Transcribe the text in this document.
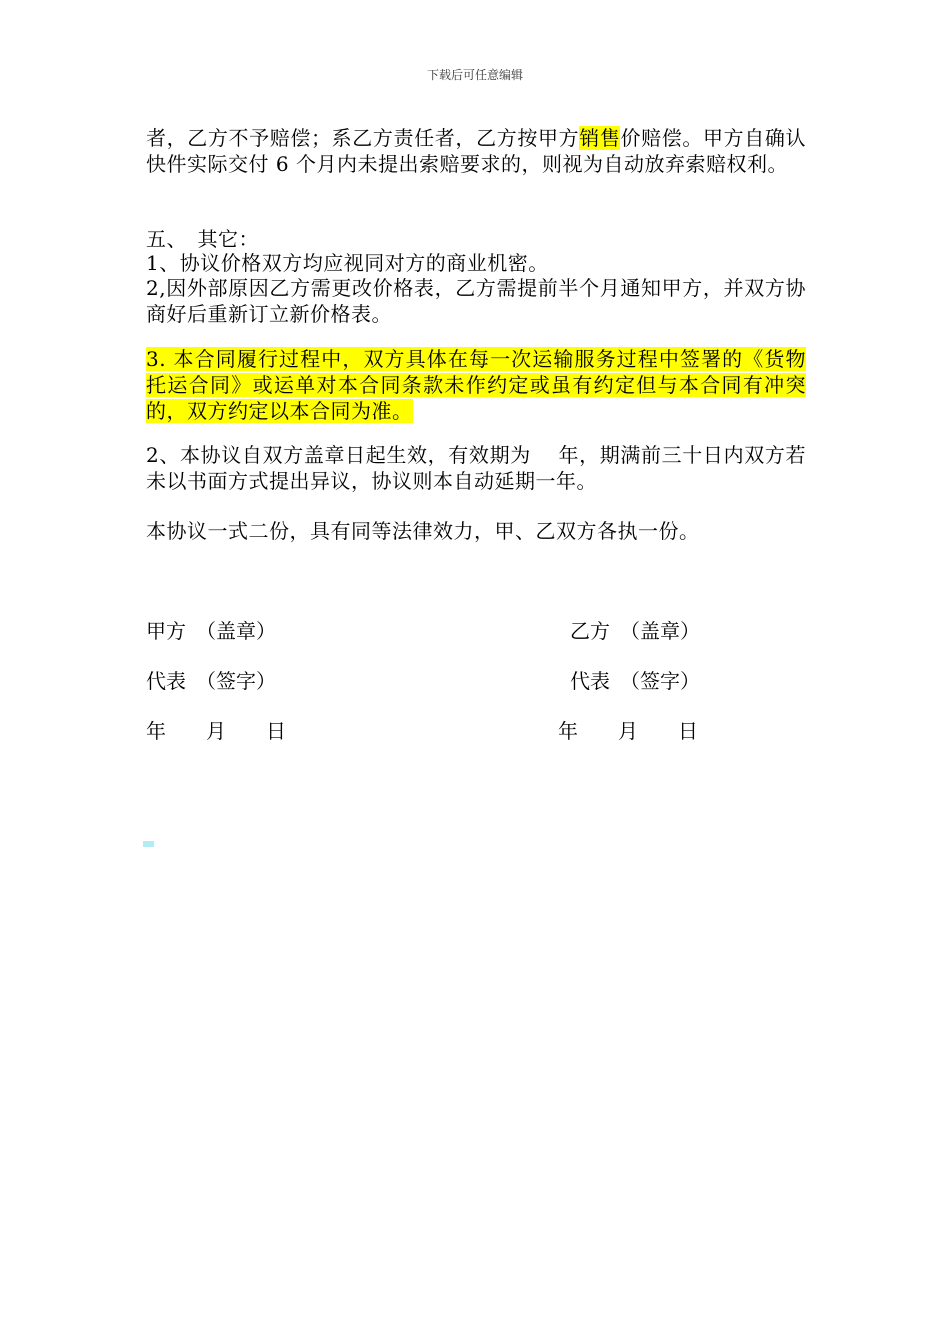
下载后可任意编辑
者，乙方不予赔偿；系乙方责任者，乙方按甲方销售价赔偿。甲方自确认快件实际交付 6 个月内未提出索赔要求的，则视为自动放弃索赔权利。
五、　其它：
1、协议价格双方均应视同对方的商业机密。
2,因外部原因乙方需更改价格表，乙方需提前半个月通知甲方，并双方协商好后重新订立新价格表。
3. 本合同履行过程中，双方具体在每一次运输服务过程中签署的《货物托运合同》或运单对本合同条款未作约定或虽有约定但与本合同有冲突的，双方约定以本合同为准。
2、本协议自双方盖章日起生效，有效期为　 年，期满前三十日内双方若未以书面方式提出异议，协议则本自动延期一年。
本协议一式二份，具有同等法律效力，甲、乙双方各执一份。
甲方　（盖章）	乙方　（盖章）
代表　（签字）	代表　（签字）
年　　月　　日	年　　月　　日
